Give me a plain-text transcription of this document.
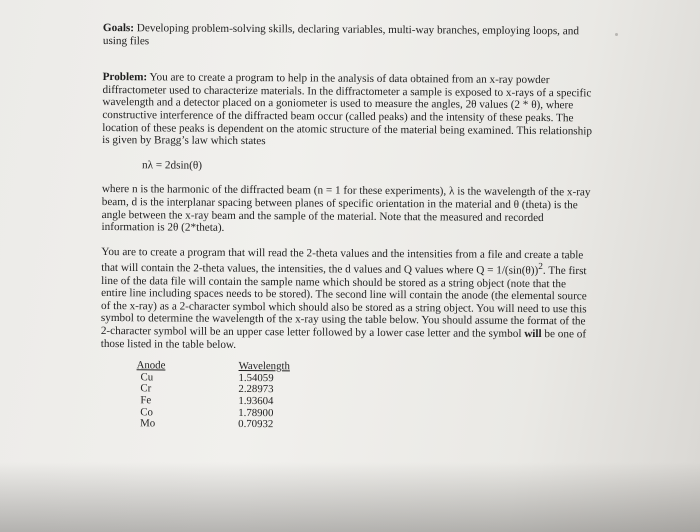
Goals: Developing problem-solving skills, declaring variables, multi-way branches, employing loops, and using files

Problem: You are to create a program to help in the analysis of data obtained from an x-ray powder diffractometer used to characterize materials. In the diffractometer a sample is exposed to x-rays of a specific wavelength and a detector placed on a goniometer is used to measure the angles, 2θ values (2 * θ), where constructive interference of the diffracted beam occur (called peaks) and the intensity of these peaks. The location of these peaks is dependent on the atomic structure of the material being examined. This relationship is given by Bragg’s law which states

nλ = 2dsin(θ)

where n is the harmonic of the diffracted beam (n = 1 for these experiments), λ is the wavelength of the x-ray beam, d is the interplanar spacing between planes of specific orientation in the material and θ (theta) is the angle between the x-ray beam and the sample of the material. Note that the measured and recorded information is 2θ (2*theta).

You are to create a program that will read the 2-theta values and the intensities from a file and create a table that will contain the 2-theta values, the intensities, the d values and Q values where $Q = 1/(\sin(\theta))^2$. The first line of the data file will contain the sample name which should be stored as a string object (note that the entire line including spaces needs to be stored). The second line will contain the anode (the elemental source of the x-ray) as a 2-character symbol which should also be stored as a string object. You will need to use this symbol to determine the wavelength of the x-ray using the table below. You should assume the format of the 2-character symbol will be an upper case letter followed by a lower case letter and the symbol will be one of those listed in the table below.

Anode
Cu
Cr
Fe
Co
Mo
Wavelength
1.54059
2.28973
1.93604
1.78900
0.70932
